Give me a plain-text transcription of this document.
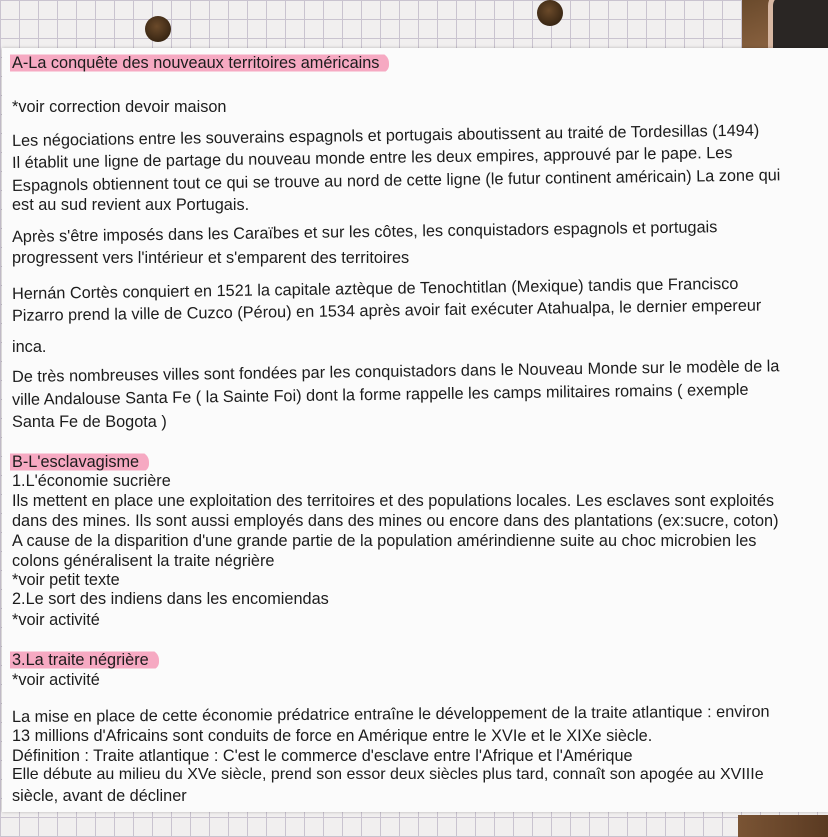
A-La conquête des nouveaux territoires américains
*voir correction devoir maison
Les négociations entre les souverains espagnols et portugais aboutissent au traité de Tordesillas (1494)
Il établit une ligne de partage du nouveau monde entre les deux empires, approuvé par le pape. Les
Espagnols obtiennent tout ce qui se trouve au nord de cette ligne (le futur continent américain) La zone qui
est au sud revient aux Portugais.
Après s'être imposés dans les Caraïbes et sur les côtes, les conquistadors espagnols et portugais
progressent vers l'intérieur et s'emparent des territoires
Hernán Cortès conquiert en 1521 la capitale aztèque de Tenochtitlan (Mexique) tandis que Francisco
Pizarro prend la ville de Cuzco (Pérou) en 1534 après avoir fait exécuter Atahualpa, le dernier empereur
inca.
De très nombreuses villes sont fondées par les conquistadors dans le Nouveau Monde sur le modèle de la
ville Andalouse Santa Fe ( la Sainte Foi) dont la forme rappelle les camps militaires romains ( exemple
Santa Fe de Bogota )
B-L'esclavagisme
1.L'économie sucrière
Ils mettent en place une exploitation des territoires et des populations locales. Les esclaves sont exploités
dans des mines. Ils sont aussi employés dans des mines ou encore dans des plantations (ex:sucre, coton)
A cause de la disparition d'une grande partie de la population amérindienne suite au choc microbien les
colons généralisent la traite négrière
*voir petit texte
2.Le sort des indiens dans les encomiendas
*voir activité
3.La traite négrière
*voir activité
La mise en place de cette économie prédatrice entraîne le développement de la traite atlantique : environ
13 millions d'Africains sont conduits de force en Amérique entre le XVIe et le XIXe siècle.
Définition : Traite atlantique : C'est le commerce d'esclave entre l'Afrique et l'Amérique
Elle débute au milieu du XVe siècle, prend son essor deux siècles plus tard, connaît son apogée au XVIIIe
siècle, avant de décliner
